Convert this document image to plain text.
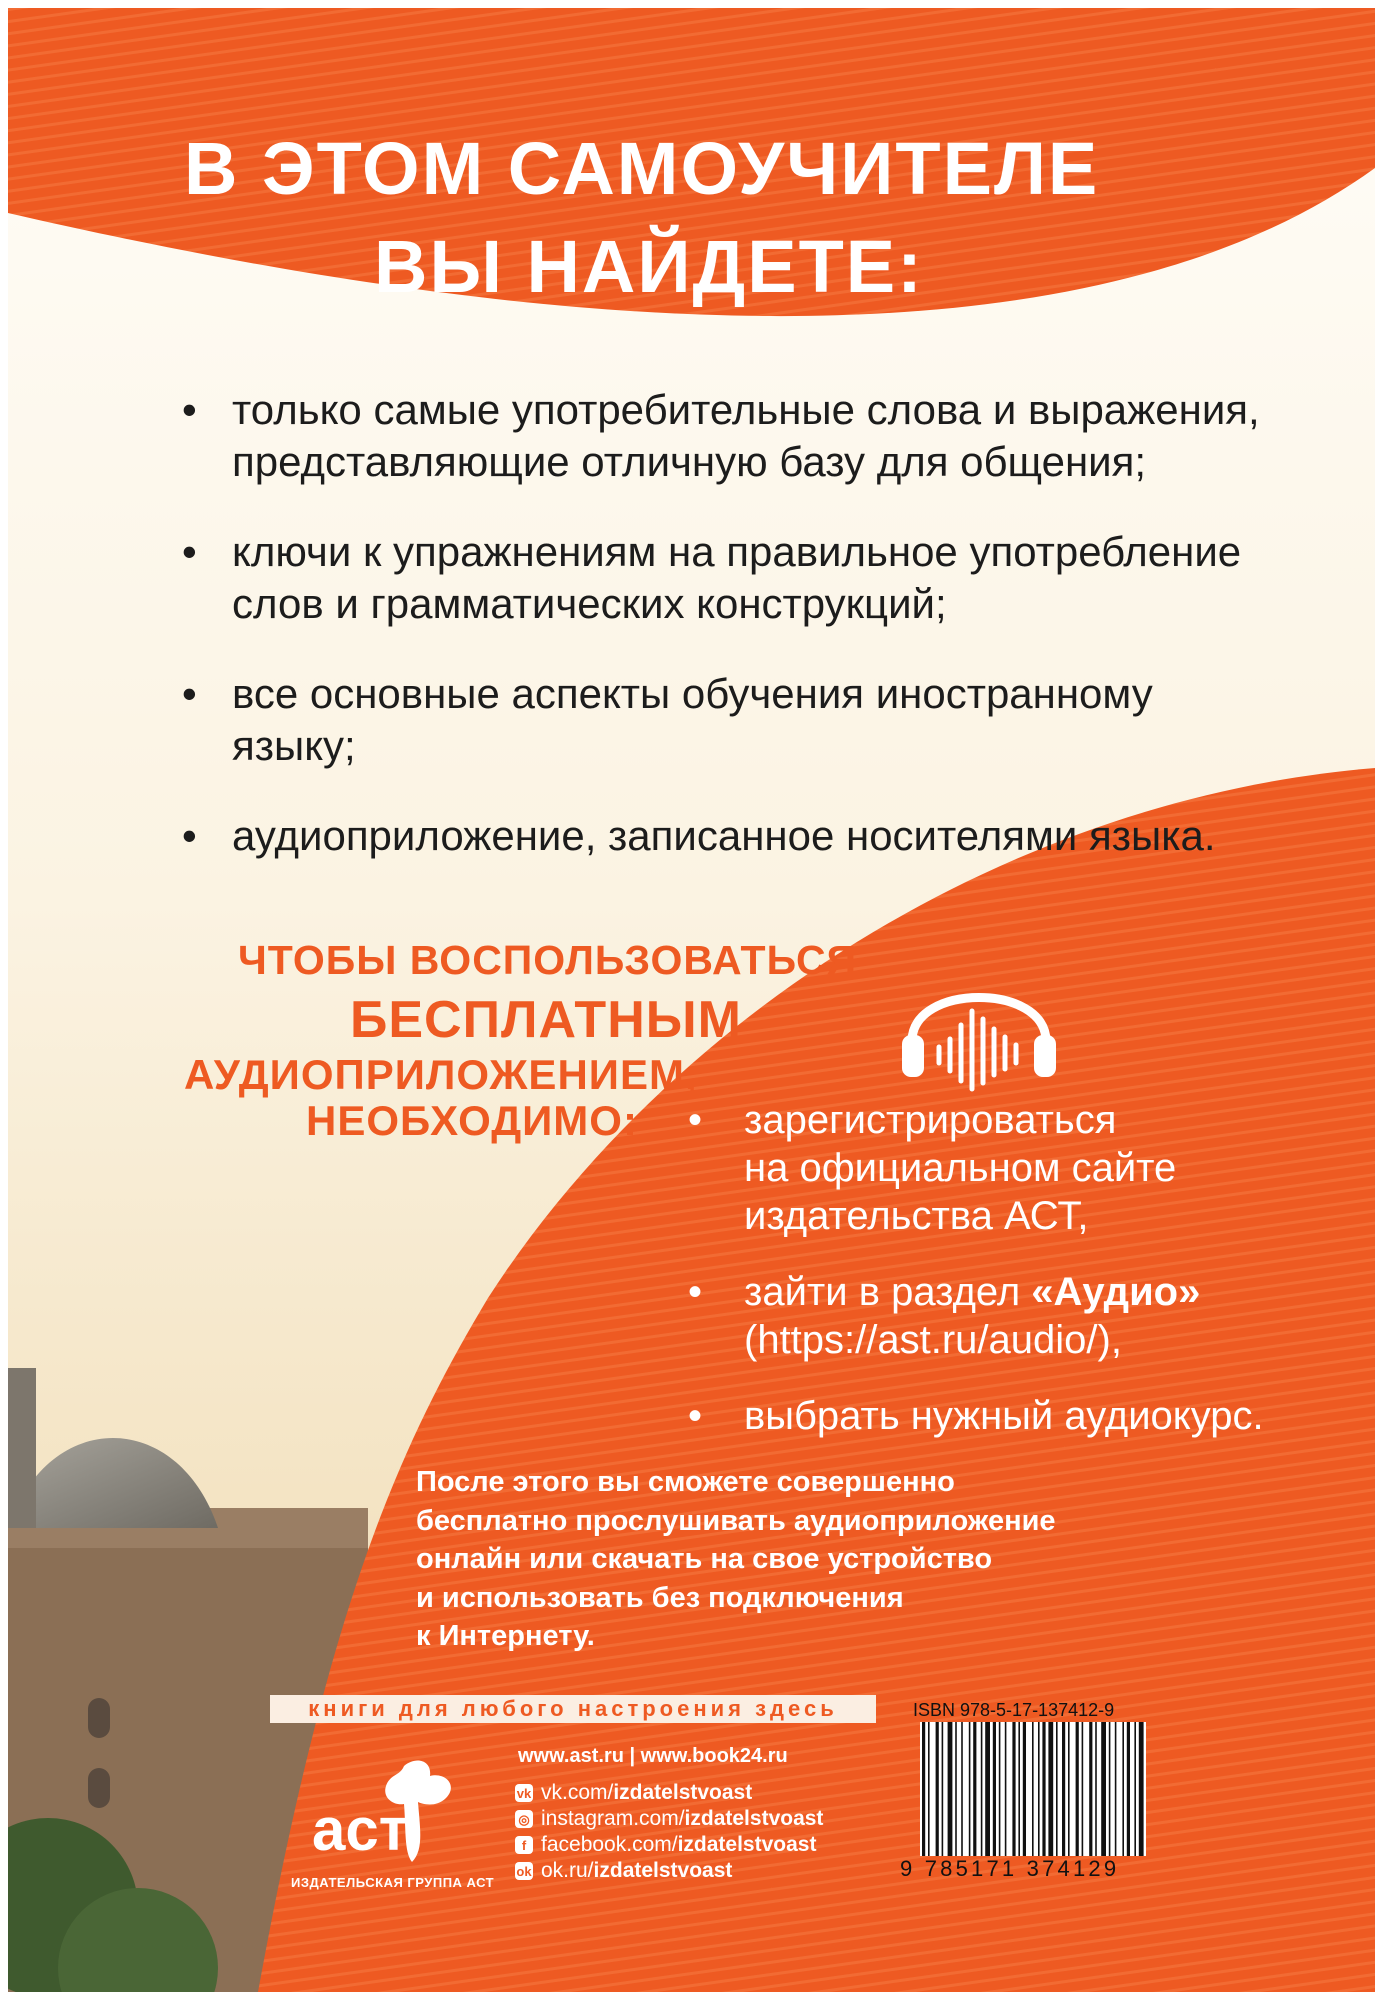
В ЭТОМ САМОУЧИТЕЛЕ

ВЫ НАЙДЕТЕ:

• только самые употребительные слова и выражения,
представляющие отличную базу для общения;
• ключи к упражнениям на правильное употребление
слов и грамматических конструкций;
• все основные аспекты обучения иностранному
языку;
• аудиоприложение, записанное носителями языка.
ЧТОБЫ ВОСПОЛЬЗОВАТЬСЯ
БЕСПЛАТНЫМ
АУДИОПРИЛОЖЕНИЕМ,
НЕОБХОДИМО: • зарегистрироваться
на официальном сайте
издательства АСТ,
• зайти в раздел «Аудио»
(https://ast.ru/audio/),
• выбрать нужный аудиокурс.
После этого вы сможете совершенно
бесплатно прослушивать аудиоприложение
онлайн или скачать на свое устройство
и использовать без подключения
к Интернету.
книги для любого настроения здесь
www.ast.ru | www.book24.ru
vk vk.com/ izdatelstvoast
◎ instagram.com/ izdatelstvoast
f facebook.com/ izdatelstvoast
ok ok.ru/ izdatelstvoast
аст
ИЗДАТЕЛЬСКАЯ ГРУППА АСТ
ISBN 978-5-17-137412-9
9 785171 374129
